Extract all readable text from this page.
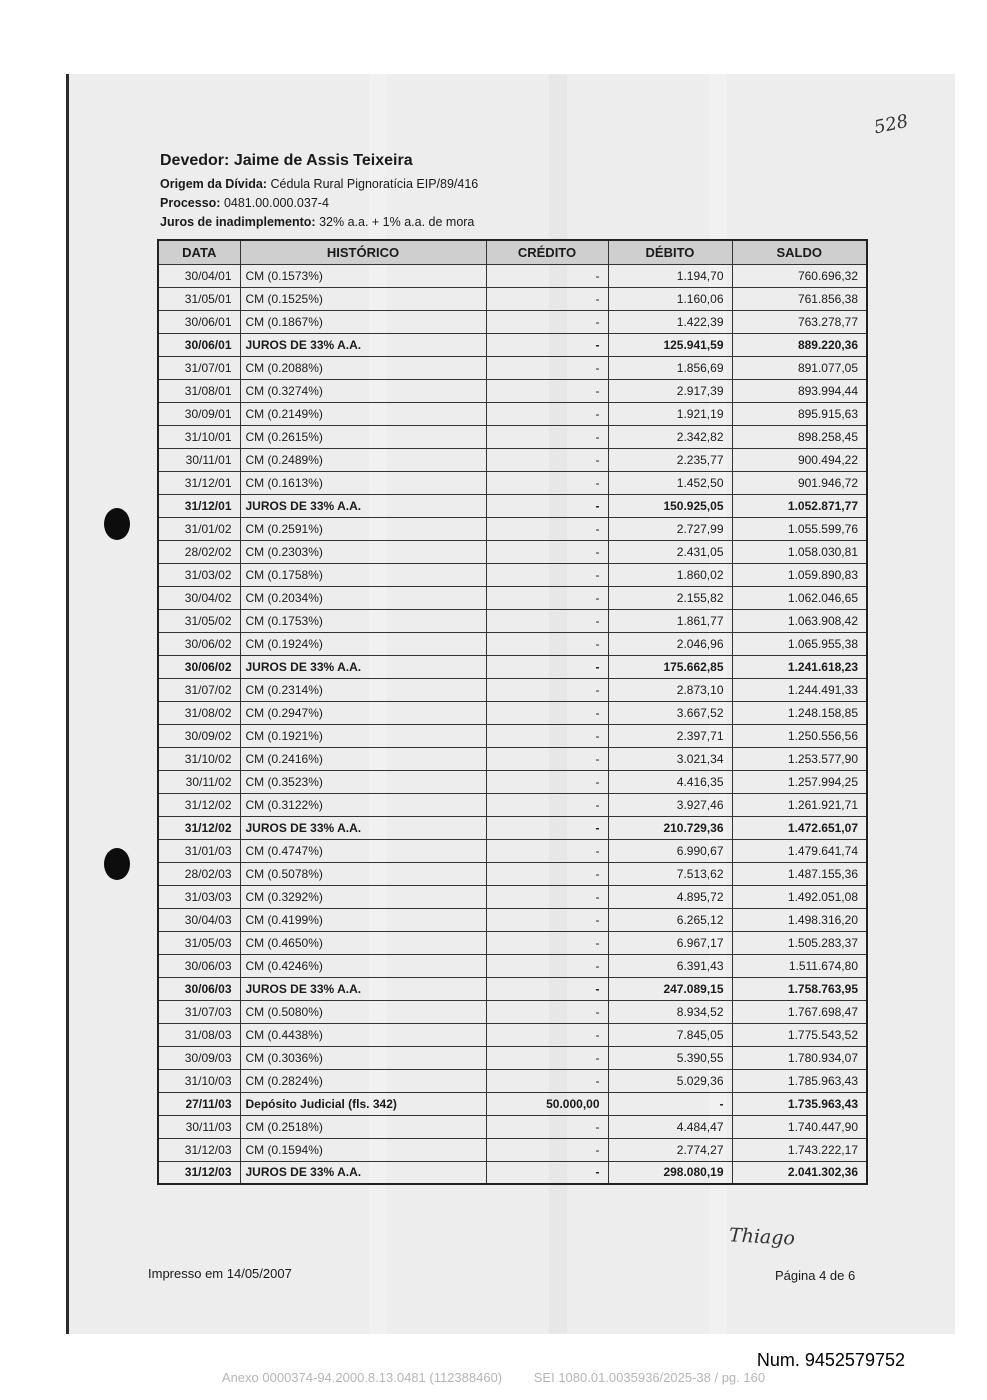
Devedor: Jaime de Assis Teixeira
Origem da Dívida: Cédula Rural Pignoratícia EIP/89/416
Processo: 0481.00.000.037-4
Juros de inadimplemento: 32% a.a. + 1% a.a. de mora
DATA	HISTÓRICO	CRÉDITO	DÉBITO	SALDO
30/04/01	CM (0.1573%)	-	1.194,70	760.696,32
31/05/01	CM (0.1525%)	-	1.160,06	761.856,38
30/06/01	CM (0.1867%)	-	1.422,39	763.278,77
30/06/01	JUROS DE 33% A.A.	-	125.941,59	889.220,36
31/07/01	CM (0.2088%)	-	1.856,69	891.077,05
31/08/01	CM (0.3274%)	-	2.917,39	893.994,44
30/09/01	CM (0.2149%)	-	1.921,19	895.915,63
31/10/01	CM (0.2615%)	-	2.342,82	898.258,45
30/11/01	CM (0.2489%)	-	2.235,77	900.494,22
31/12/01	CM (0.1613%)	-	1.452,50	901.946,72
31/12/01	JUROS DE 33% A.A.	-	150.925,05	1.052.871,77
31/01/02	CM (0.2591%)	-	2.727,99	1.055.599,76
28/02/02	CM (0.2303%)	-	2.431,05	1.058.030,81
31/03/02	CM (0.1758%)	-	1.860,02	1.059.890,83
30/04/02	CM (0.2034%)	-	2.155,82	1.062.046,65
31/05/02	CM (0.1753%)	-	1.861,77	1.063.908,42
30/06/02	CM (0.1924%)	-	2.046,96	1.065.955,38
30/06/02	JUROS DE 33% A.A.	-	175.662,85	1.241.618,23
31/07/02	CM (0.2314%)	-	2.873,10	1.244.491,33
31/08/02	CM (0.2947%)	-	3.667,52	1.248.158,85
30/09/02	CM (0.1921%)	-	2.397,71	1.250.556,56
31/10/02	CM (0.2416%)	-	3.021,34	1.253.577,90
30/11/02	CM (0.3523%)	-	4.416,35	1.257.994,25
31/12/02	CM (0.3122%)	-	3.927,46	1.261.921,71
31/12/02	JUROS DE 33% A.A.	-	210.729,36	1.472.651,07
31/01/03	CM (0.4747%)	-	6.990,67	1.479.641,74
28/02/03	CM (0.5078%)	-	7.513,62	1.487.155,36
31/03/03	CM (0.3292%)	-	4.895,72	1.492.051,08
30/04/03	CM (0.4199%)	-	6.265,12	1.498.316,20
31/05/03	CM (0.4650%)	-	6.967,17	1.505.283,37
30/06/03	CM (0.4246%)	-	6.391,43	1.511.674,80
30/06/03	JUROS DE 33% A.A.	-	247.089,15	1.758.763,95
31/07/03	CM (0.5080%)	-	8.934,52	1.767.698,47
31/08/03	CM (0.4438%)	-	7.845,05	1.775.543,52
30/09/03	CM (0.3036%)	-	5.390,55	1.780.934,07
31/10/03	CM (0.2824%)	-	5.029,36	1.785.963,43
27/11/03	Depósito Judicial (fls. 342)	50.000,00	-	1.735.963,43
30/11/03	CM (0.2518%)	-	4.484,47	1.740.447,90
31/12/03	CM (0.1594%)	-	2.774,27	1.743.222,17
31/12/03	JUROS DE 33% A.A.	-	298.080,19	2.041.302,36
Impresso em 14/05/2007	Página 4 de 6
Thiago
528
Num. 9452579752
Anexo 0000374-94.2000.8.13.0481 (112388460) SEI 1080.01.0035936/2025-38 / pg. 160
